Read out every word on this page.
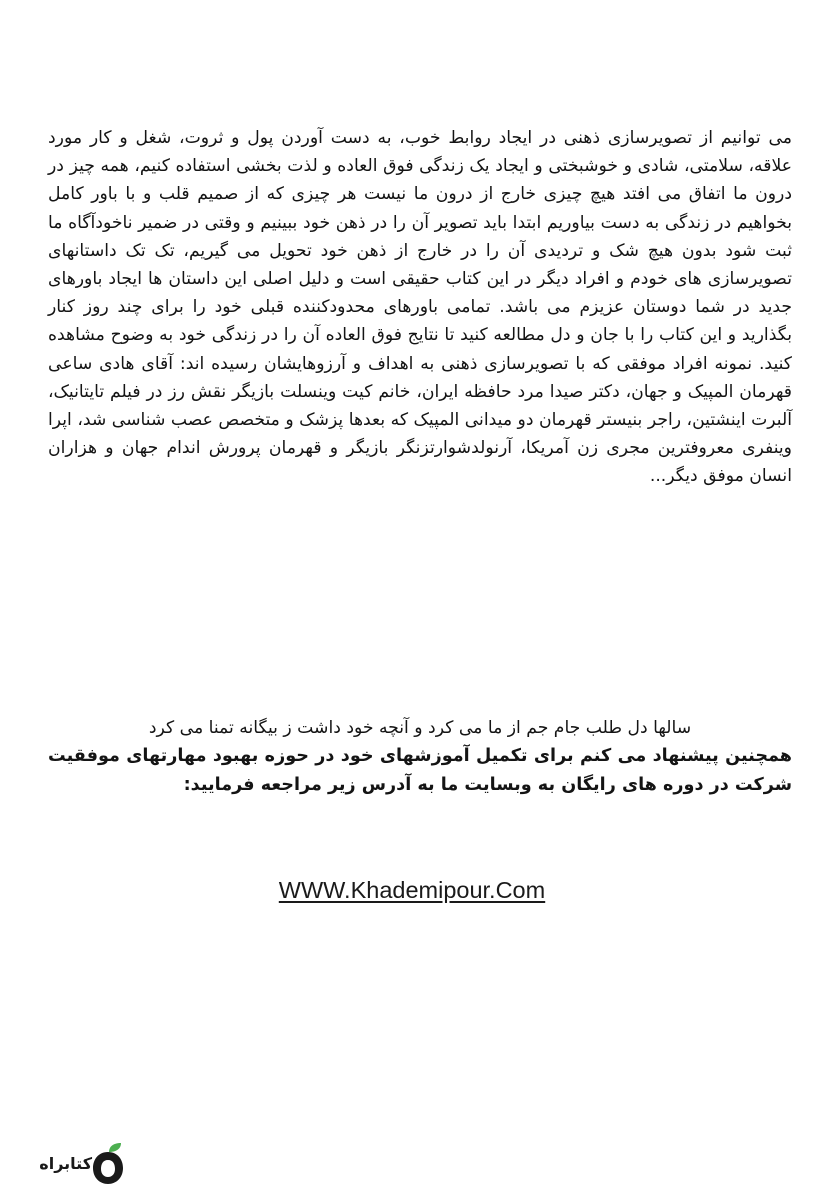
می توانیم از تصویرسازی ذهنی در ایجاد روابط خوب، به دست آوردن پول و ثروت، شغل و کار مورد علاقه، سلامتی، شادی و خوشبختی و ایجاد یک زندگی فوق العاده و لذت بخشی استفاده کنیم، همه چیز در درون ما اتفاق می افتد هیچ چیزی خارج از درون ما نیست هر چیزی که از صمیم قلب و با باور کامل بخواهیم در زندگی به دست بیاوریم ابتدا باید تصویر آن را در ذهن خود ببینیم و وقتی در ضمیر ناخودآگاه ما ثبت شود بدون هیچ شک و تردیدی آن را در خارج از ذهن خود تحویل می گیریم، تک تک داستانهای تصویرسازی های خودم و افراد دیگر در این کتاب حقیقی است و دلیل اصلی این داستان ها ایجاد باورهای جدید در شما دوستان عزیزم می باشد. تمامی باورهای محدودکننده قبلی خود را برای چند روز کنار بگذارید و این کتاب را با جان و دل مطالعه کنید تا نتایج فوق العاده آن را در زندگی خود به وضوح مشاهده کنید. نمونه افراد موفقی که با تصویرسازی ذهنی به اهداف و آرزوهایشان رسیده اند: آقای هادی ساعی قهرمان المپیک و جهان، دکتر صیدا مرد حافظه ایران، خانم کیت وینسلت بازیگر نقش رز در فیلم تایتانیک، آلبرت اینشتین، راجر بنیستر قهرمان دو میدانی المپیک که بعدها پزشک و متخصص عصب شناسی شد، اپرا وینفری معروفترین مجری زن آمریکا، آرنولدشوارتزنگر بازیگر و قهرمان پرورش اندام جهان و هزاران انسان موفق دیگر...

سالها دل طلب جام جم از ما می کرد و آنچه خود داشت ز بیگانه تمنا می کرد

همچنین پیشنهاد می کنم برای تکمیل آموزشهای خود در حوزه بهبود مهارتهای موفقیت شرکت در دوره های رایگان به وبسایت ما به آدرس زیر مراجعه فرمایید:

WWW.Khademipour.Com
کتابراه
